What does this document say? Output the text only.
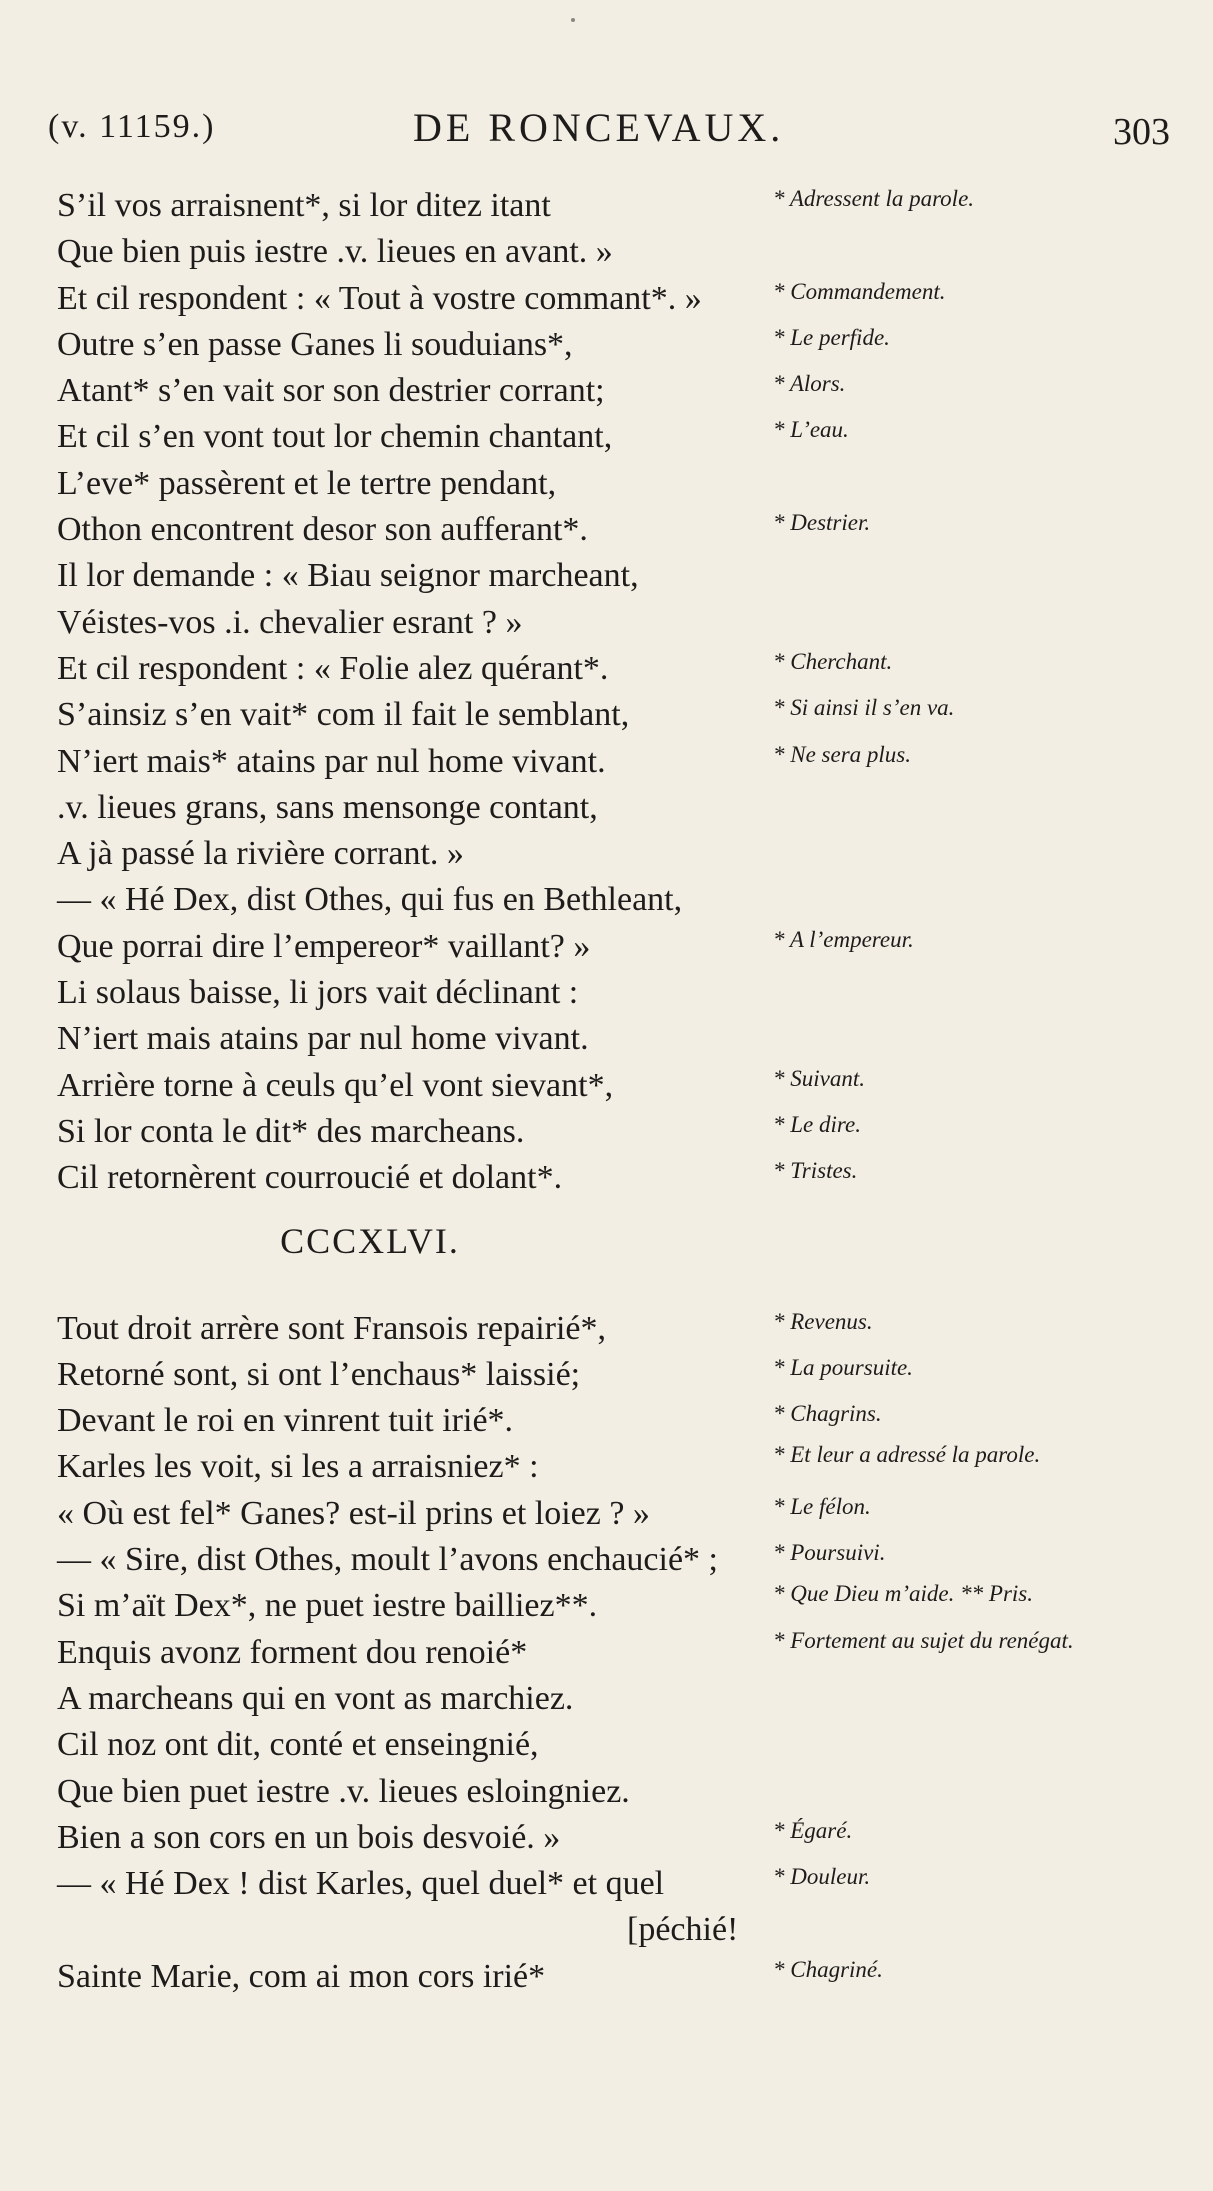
(v. 11159.)	DE RONCEVAUX.	303
S’il vos arraisnent*, si lor ditez itant	* Adressent la parole.
Que bien puis iestre .v. lieues en avant. »
Et cil respondent : « Tout à vostre commant*. »	* Commandement.
Outre s’en passe Ganes li souduians*,	* Le perfide.
Atant* s’en vait sor son destrier corrant;	* Alors.
Et cil s’en vont tout lor chemin chantant,	* L’eau.
L’eve* passèrent et le tertre pendant,
Othon encontrent desor son aufferant*.	* Destrier.
Il lor demande : « Biau seignor marcheant,
Véistes-vos .i. chevalier esrant ? »
Et cil respondent : « Folie alez quérant*.	* Cherchant.
S’ainsiz s’en vait* com il fait le semblant,	* Si ainsi il s’en va.
N’iert mais* atains par nul home vivant.	* Ne sera plus.
.v. lieues grans, sans mensonge contant,
A jà passé la rivière corrant. »
— « Hé Dex, dist Othes, qui fus en Bethleant,
Que porrai dire l’empereor* vaillant? »	* A l’empereur.
Li solaus baisse, li jors vait déclinant :
N’iert mais atains par nul home vivant.
Arrière torne à ceuls qu’el vont sievant*,	* Suivant.
Si lor conta le dit* des marcheans.	* Le dire.
Cil retornèrent courroucié et dolant*.	* Tristes.
CCCXLVI.
Tout droit arrère sont Fransois repairié*,	* Revenus.
Retorné sont, si ont l’enchaus* laissié;	* La poursuite.
Devant le roi en vinrent tuit irié*.	* Chagrins.
Karles les voit, si les a arraisniez* :	* Et leur a adressé la parole.
« Où est fel* Ganes? est-il prins et loiez ? »	* Le félon.
— « Sire, dist Othes, moult l’avons enchaucié* ; * Poursuivi.
Si m’aït Dex*, ne puet iestre bailliez**.	* Que Dieu m’aide. ** Pris.
Enquis avonz forment dou renoié*	* Fortement au sujet du renégat.
A marcheans qui en vont as marchiez.
Cil noz ont dit, conté et enseingnié,
Que bien puet iestre .v. lieues esloingniez.
Bien a son cors en un bois desvoié. »	* Égaré.
— « Hé Dex ! dist Karles, quel duel* et quel	* Douleur.
[péchié!
Sainte Marie, com ai mon cors irié*	* Chagriné.
